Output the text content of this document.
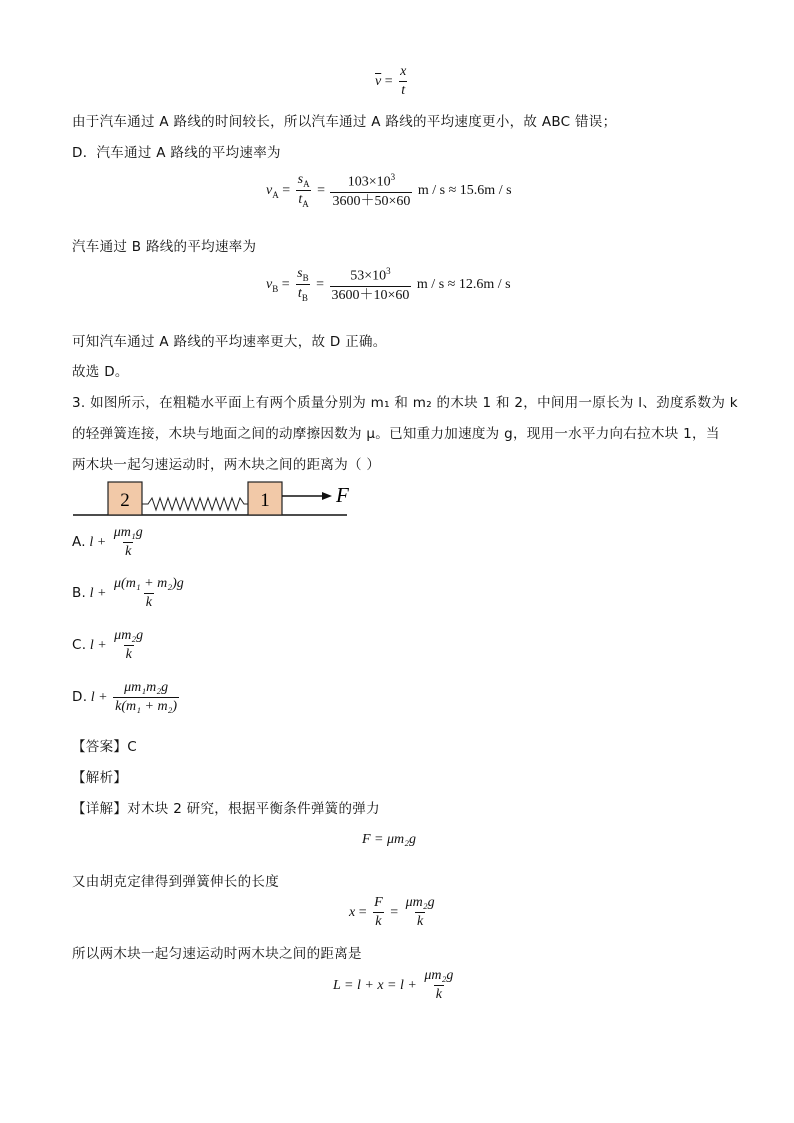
$\overline{v} = \frac{x}{t}$
由于汽车通过 A 路线的时间较长，所以汽车通过 A 路线的平均速度更小，故 ABC 错误；
D．汽车通过 A 路线的平均速率为
$v_A = \frac{s_A}{t_A} = \frac{103\times 10^3}{3600+50\times 60}$ m / s ≈ 15.6m / s
汽车通过 B 路线的平均速率为
$v_B = \frac{s_B}{t_B} = \frac{53\times 10^3}{3600+10\times 60}$ m / s ≈ 12.6m / s
可知汽车通过 A 路线的平均速率更大，故 D 正确。
故选 D。
3. 如图所示，在粗糙水平面上有两个质量分别为 m₁ 和 m₂ 的木块 1 和 2，中间用一原长为 l、劲度系数为 k
的轻弹簧连接，木块与地面之间的动摩擦因数为 μ。已知重力加速度为 g，现用一水平力向右拉木块 1，当
两木块一起匀速运动时，两木块之间的距离为（ ）
2	1	F
A. $l + \frac{\text{μm₁g}}{k}$
B. $l + \frac{\text{μ(m₁ + m₂)g}}{k}$
C. $l + \frac{\text{μm₂g}}{k}$
D. $l + \frac{\text{μm₁m₂g}}{\text{k(m₁ + m₂)}}$
【答案】C
【解析】
【详解】对木块 2 研究，根据平衡条件弹簧的弹力
F = μm₂g
又由胡克定律得到弹簧伸长的长度
$x = \frac{F}{k} = \frac{\text{μm₂g}}{k}$
所以两木块一起匀速运动时两木块之间的距离是
$L = l + x = l + \frac{\text{μm₂g}}{k}$
